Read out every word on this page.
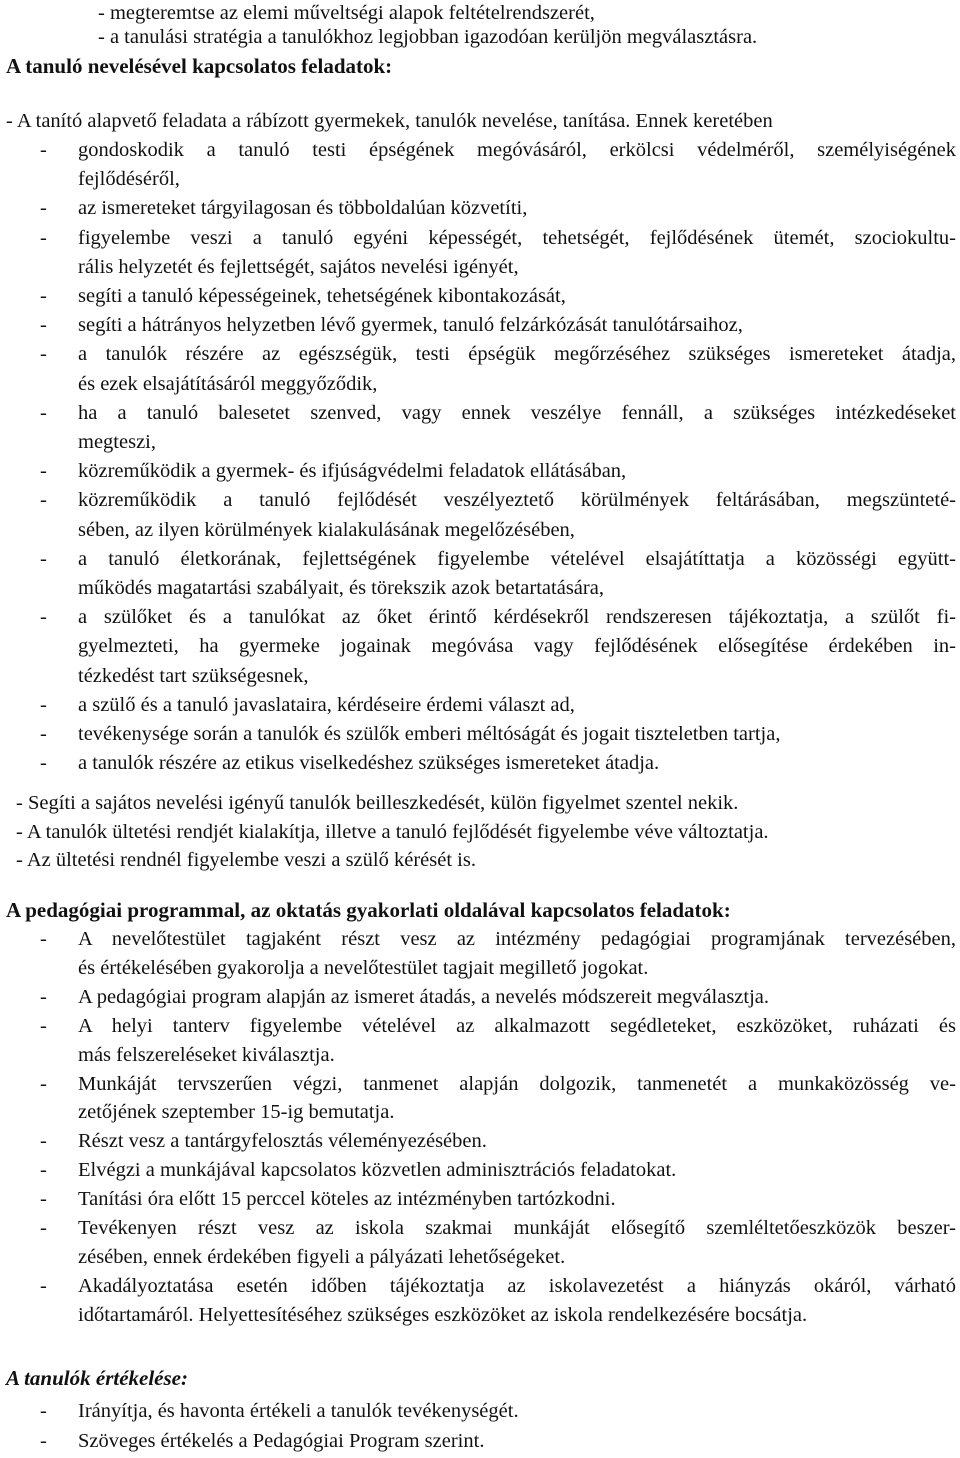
- megteremtse az elemi műveltségi alapok feltételrendszerét,
- a tanulási stratégia a tanulókhoz legjobban igazodóan kerüljön megválasztásra.
A tanuló nevelésével kapcsolatos feladatok:
- A tanító alapvető feladata a rábízott gyermekek, tanulók nevelése, tanítása. Ennek keretében
- gondoskodik a tanuló testi épségének megóvásáról, erkölcsi védelméről, személyiségének
fejlődéséről,
- az ismereteket tárgyilagosan és többoldalúan közvetíti,
- figyelembe veszi a tanuló egyéni képességét, tehetségét, fejlődésének ütemét, szociokultu-
rális helyzetét és fejlettségét, sajátos nevelési igényét,
- segíti a tanuló képességeinek, tehetségének kibontakozását,
- segíti a hátrányos helyzetben lévő gyermek, tanuló felzárkózását tanulótársaihoz,
- a tanulók részére az egészségük, testi épségük megőrzéséhez szükséges ismereteket átadja,
és ezek elsajátításáról meggyőződik,
- ha a tanuló balesetet szenved, vagy ennek veszélye fennáll, a szükséges intézkedéseket
megteszi,
- közreműködik a gyermek- és ifjúságvédelmi feladatok ellátásában,
- közreműködik a tanuló fejlődését veszélyeztető körülmények feltárásában, megszünteté-
sében, az ilyen körülmények kialakulásának megelőzésében,
- a tanuló életkorának, fejlettségének figyelembe vételével elsajátíttatja a közösségi együtt-
működés magatartási szabályait, és törekszik azok betartatására,
- a szülőket és a tanulókat az őket érintő kérdésekről rendszeresen tájékoztatja, a szülőt fi-
gyelmezteti, ha gyermeke jogainak megóvása vagy fejlődésének elősegítése érdekében in-
tézkedést tart szükségesnek,
- a szülő és a tanuló javaslataira, kérdéseire érdemi választ ad,
- tevékenysége során a tanulók és szülők emberi méltóságát és jogait tiszteletben tartja,
- a tanulók részére az etikus viselkedéshez szükséges ismereteket átadja.
- Segíti a sajátos nevelési igényű tanulók beilleszkedését, külön figyelmet szentel nekik.
- A tanulók ültetési rendjét kialakítja, illetve a tanuló fejlődését figyelembe véve változtatja.
- Az ültetési rendnél figyelembe veszi a szülő kérését is.
A pedagógiai programmal, az oktatás gyakorlati oldalával kapcsolatos feladatok:
- A nevelőtestület tagjaként részt vesz az intézmény pedagógiai programjának tervezésében,
és értékelésében gyakorolja a nevelőtestület tagjait megillető jogokat.
- A pedagógiai program alapján az ismeret átadás, a nevelés módszereit megválasztja.
- A helyi tanterv figyelembe vételével az alkalmazott segédleteket, eszközöket, ruházati és
más felszereléseket kiválasztja.
- Munkáját tervszerűen végzi, tanmenet alapján dolgozik, tanmenetét a munkaközösség ve-
zetőjének szeptember 15-ig bemutatja.
- Részt vesz a tantárgyfelosztás véleményezésében.
- Elvégzi a munkájával kapcsolatos közvetlen adminisztrációs feladatokat.
- Tanítási óra előtt 15 perccel köteles az intézményben tartózkodni.
- Tevékenyen részt vesz az iskola szakmai munkáját elősegítő szemléltetőeszközök beszer-
zésében, ennek érdekében figyeli a pályázati lehetőségeket.
- Akadályoztatása esetén időben tájékoztatja az iskolavezetést a hiányzás okáról, várható
időtartamáról. Helyettesítéséhez szükséges eszközöket az iskola rendelkezésére bocsátja.
A tanulók értékelése:
- Irányítja, és havonta értékeli a tanulók tevékenységét.
- Szöveges értékelés a Pedagógiai Program szerint.
